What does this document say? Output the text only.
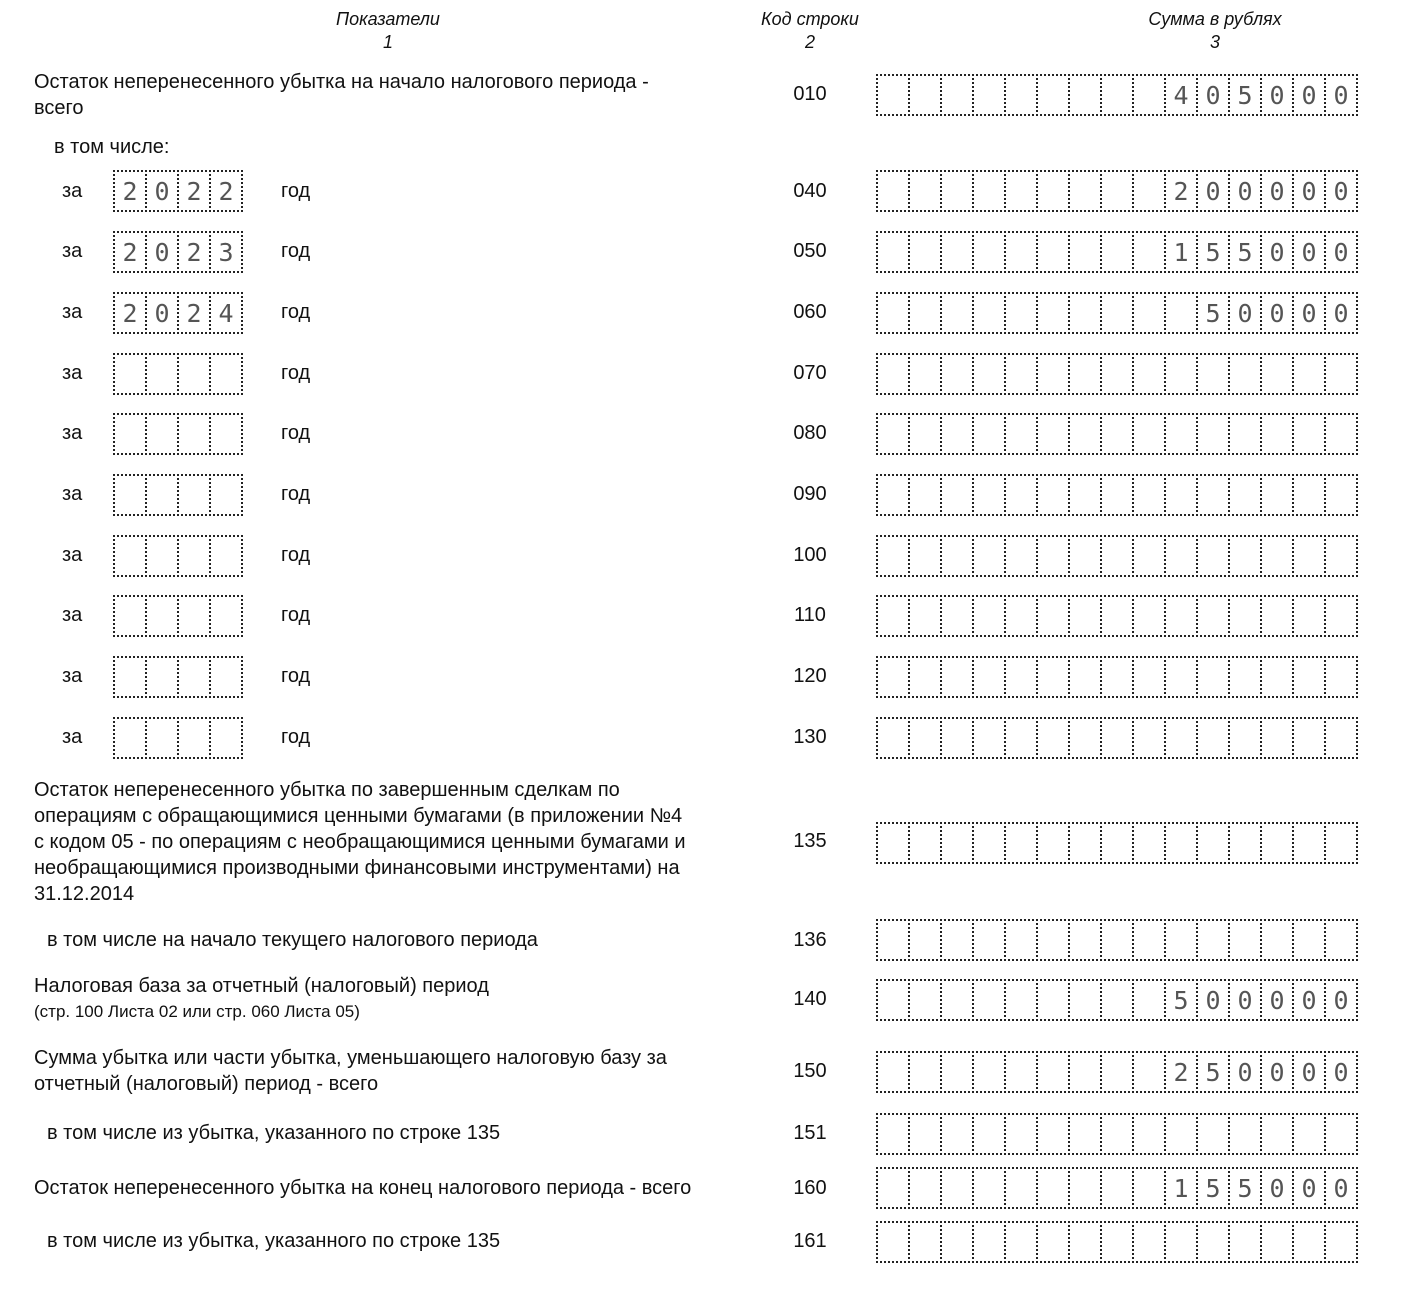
Показатели
1
Код строки
2
Сумма в рублях
3
Остаток неперенесенного убытка на начало налогового периода -
всего
010	4 0 5 0 0 0
в том числе:
за	2 0 2 2	год	040	2 0 0 0 0 0
за	2 0 2 3	год	050	1 5 5 0 0 0
за	2 0 2 4	год	060	5 0 0 0 0
за	год	070
за	год	080
за	год	090
за	год	100
за	год	110
за	год	120
за	год	130
Остаток неперенесенного убытка по завершенным сделкам по
операциям с обращающимися ценными бумагами (в приложении №4
с кодом 05 - по операциям с необращающимися ценными бумагами и
необращающимися производными финансовыми инструментами) на
31.12.2014
135
в том числе на начало текущего налогового периода	136
Налоговая база за отчетный (налоговый) период
(стр. 100 Листа 02 или стр. 060 Листа 05)
140	5 0 0 0 0 0
Сумма убытка или части убытка, уменьшающего налоговую базу за
отчетный (налоговый) период - всего
150	2 5 0 0 0 0
в том числе из убытка, указанного по строке 135	151
Остаток неперенесенного убытка на конец налогового периода - всего	160	1 5 5 0 0 0
в том числе из убытка, указанного по строке 135	161
